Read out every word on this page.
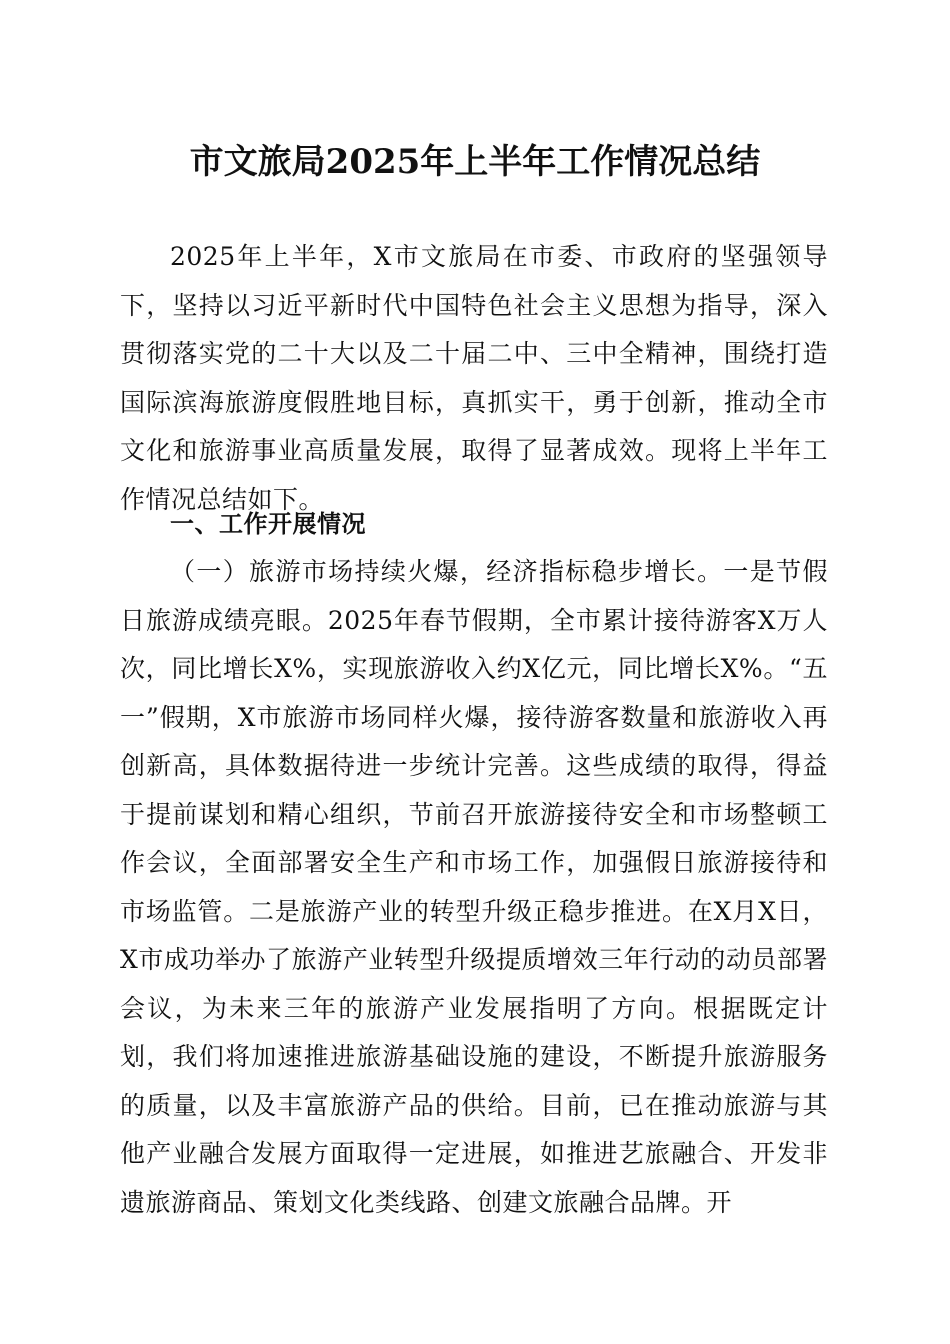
市文旅局2025年上半年工作情况总结

2025年上半年，X市文旅局在市委、市政府的坚强领导下，坚持以习近平新时代中国特色社会主义思想为指导，深入贯彻落实党的二十大以及二十届二中、三中全精神，围绕打造国际滨海旅游度假胜地目标，真抓实干，勇于创新，推动全市文化和旅游事业高质量发展，取得了显著成效。现将上半年工作情况总结如下。

一、工作开展情况

（一）旅游市场持续火爆，经济指标稳步增长。一是节假日旅游成绩亮眼。2025年春节假期，全市累计接待游客X万人次，同比增长X%，实现旅游收入约X亿元，同比增长X%。“五一”假期，X市旅游市场同样火爆，接待游客数量和旅游收入再创新高，具体数据待进一步统计完善。这些成绩的取得，得益于提前谋划和精心组织，节前召开旅游接待安全和市场整顿工作会议，全面部署安全生产和市场工作，加强假日旅游接待和市场监管。二是旅游产业的转型升级正稳步推进。在X月X日，X市成功举办了旅游产业转型升级提质增效三年行动的动员部署会议，为未来三年的旅游产业发展指明了方向。根据既定计划，我们将加速推进旅游基础设施的建设，不断提升旅游服务的质量，以及丰富旅游产品的供给。目前，已在推动旅游与其他产业融合发展方面取得一定进展，如推进艺旅融合、开发非遗旅游商品、策划文化类线路、创建文旅融合品牌。开
